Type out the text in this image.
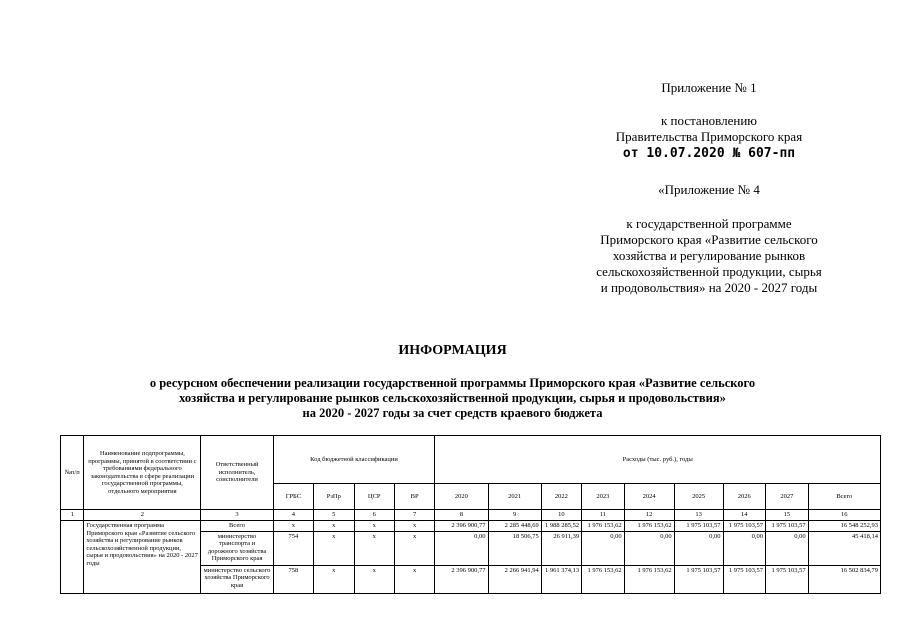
Приложение № 1
к постановлению
Правительства Приморского края
от 10.07.2020 № 607-пп
«Приложение № 4
к государственной программе
Приморского края «Развитие сельского
хозяйства и регулирование рынков
сельскохозяйственной продукции, сырья
и продовольствия» на 2020 - 2027 годы
ИНФОРМАЦИЯ
о ресурсном обеспечении реализации государственной программы Приморского края «Развитие сельского
хозяйства и регулирование рынков сельскохозяйственной продукции, сырья и продовольствия»
на 2020 - 2027 годы за счет средств краевого бюджета
№п/п	Наименование подпрограммы, программы, принятой в соответствии с требованиями федерального законодательства в сфере реализации государственной программы, отдельного мероприятия	Ответственный исполнитель, соисполнители	Код бюджетной классификации				Расходы (тыс. руб.), годы								
			ГРБС	РзПр	ЦСР	ВР	2020	2021	2022	2023	2024	2025	2026	2027	Всего
1	2	3	4	5	6	7	8	9	10	11	12	13	14	15	16
	Государственная программа Приморского края «Развитие сельского хозяйства и регулирование рынков сельскохозяйственной продукции, сырья и продовольствия» на 2020 - 2027 годы	Всего	х	х	х	х	2 396 900,77	2 285 448,69	1 988 285,52	1 976 153,62	1 976 153,62	1 975 103,57	1 975 103,57	1 975 103,57	16 548 252,93
		министерство транспорта и дорожного хозяйства Приморского края	754	х	х	х	0,00	18 506,75	26 911,39	0,00	0,00	0,00	0,00	0,00	45 418,14
		министерство сельского хозяйства Приморского края	758	х	х	х	2 396 900,77	2 266 941,94	1 961 374,13	1 976 153,62	1 976 153,62	1 975 103,57	1 975 103,57	1 975 103,57	16 502 834,79
